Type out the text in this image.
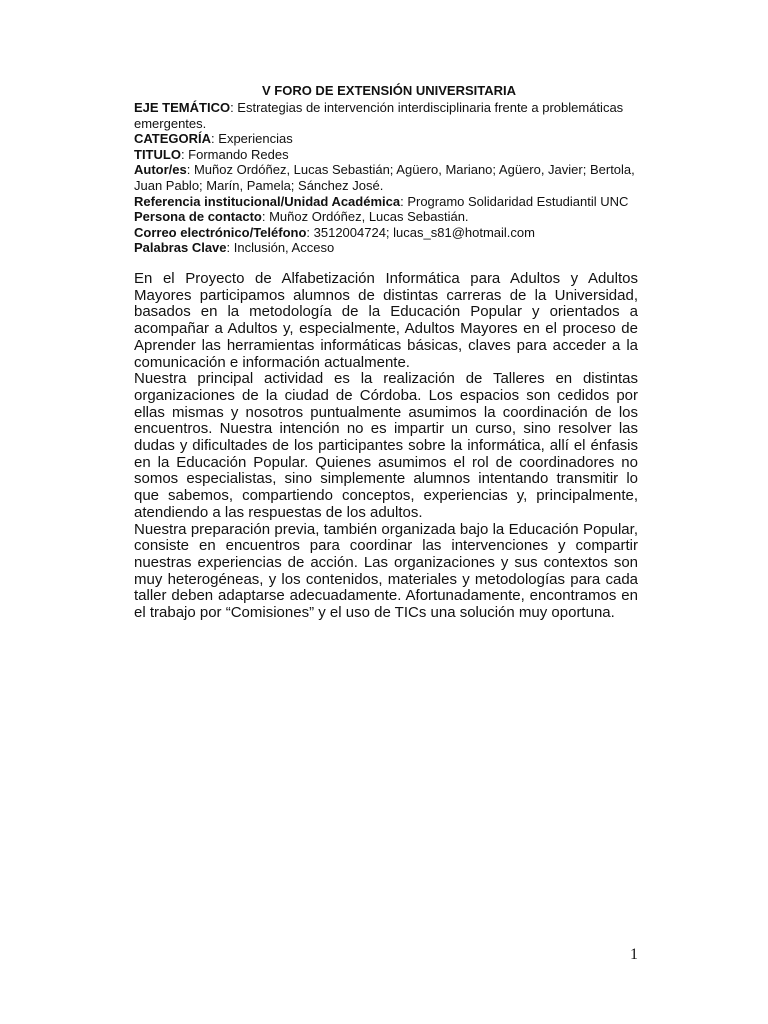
V FORO DE EXTENSIÓN UNIVERSITARIA

EJE TEMÁTICO: Estrategias de intervención interdisciplinaria frente a problemáticas emergentes.

CATEGORÍA: Experiencias

TITULO: Formando Redes

Autor/es: Muñoz Ordóñez, Lucas Sebastián; Agüero, Mariano; Agüero, Javier; Bertola, Juan Pablo; Marín, Pamela; Sánchez José.

Referencia institucional/Unidad Académica: Programo Solidaridad Estudiantil UNC

Persona de contacto: Muñoz Ordóñez, Lucas Sebastián.

Correo electrónico/Teléfono: 3512004724; lucas_s81@hotmail.com

Palabras Clave: Inclusión, Acceso

En el Proyecto de Alfabetización Informática para Adultos y Adultos Mayores participamos alumnos de distintas carreras de la Universidad, basados en la metodología de la Educación Popular y orientados a acompañar a Adultos y, especialmente, Adultos Mayores en el proceso de Aprender las herramientas informáticas básicas, claves para acceder a la comunicación e información actualmente.

Nuestra principal actividad es la realización de Talleres en distintas organizaciones de la ciudad de Córdoba. Los espacios son cedidos por ellas mismas y nosotros puntualmente asumimos la coordinación de los encuentros. Nuestra intención no es impartir un curso, sino resolver las dudas y dificultades de los participantes sobre la informática, allí el énfasis en la Educación Popular. Quienes asumimos el rol de coordinadores no somos especialistas, sino simplemente alumnos intentando transmitir lo que sabemos, compartiendo conceptos, experiencias y, principalmente, atendiendo a las respuestas de los adultos.

Nuestra preparación previa, también organizada bajo la Educación Popular, consiste en encuentros para coordinar las intervenciones y compartir nuestras experiencias de acción. Las organizaciones y sus contextos son muy heterogéneas, y los contenidos, materiales y metodologías para cada taller deben adaptarse adecuadamente. Afortunadamente, encontramos en el trabajo por “Comisiones” y el uso de TICs una solución muy oportuna.

1
